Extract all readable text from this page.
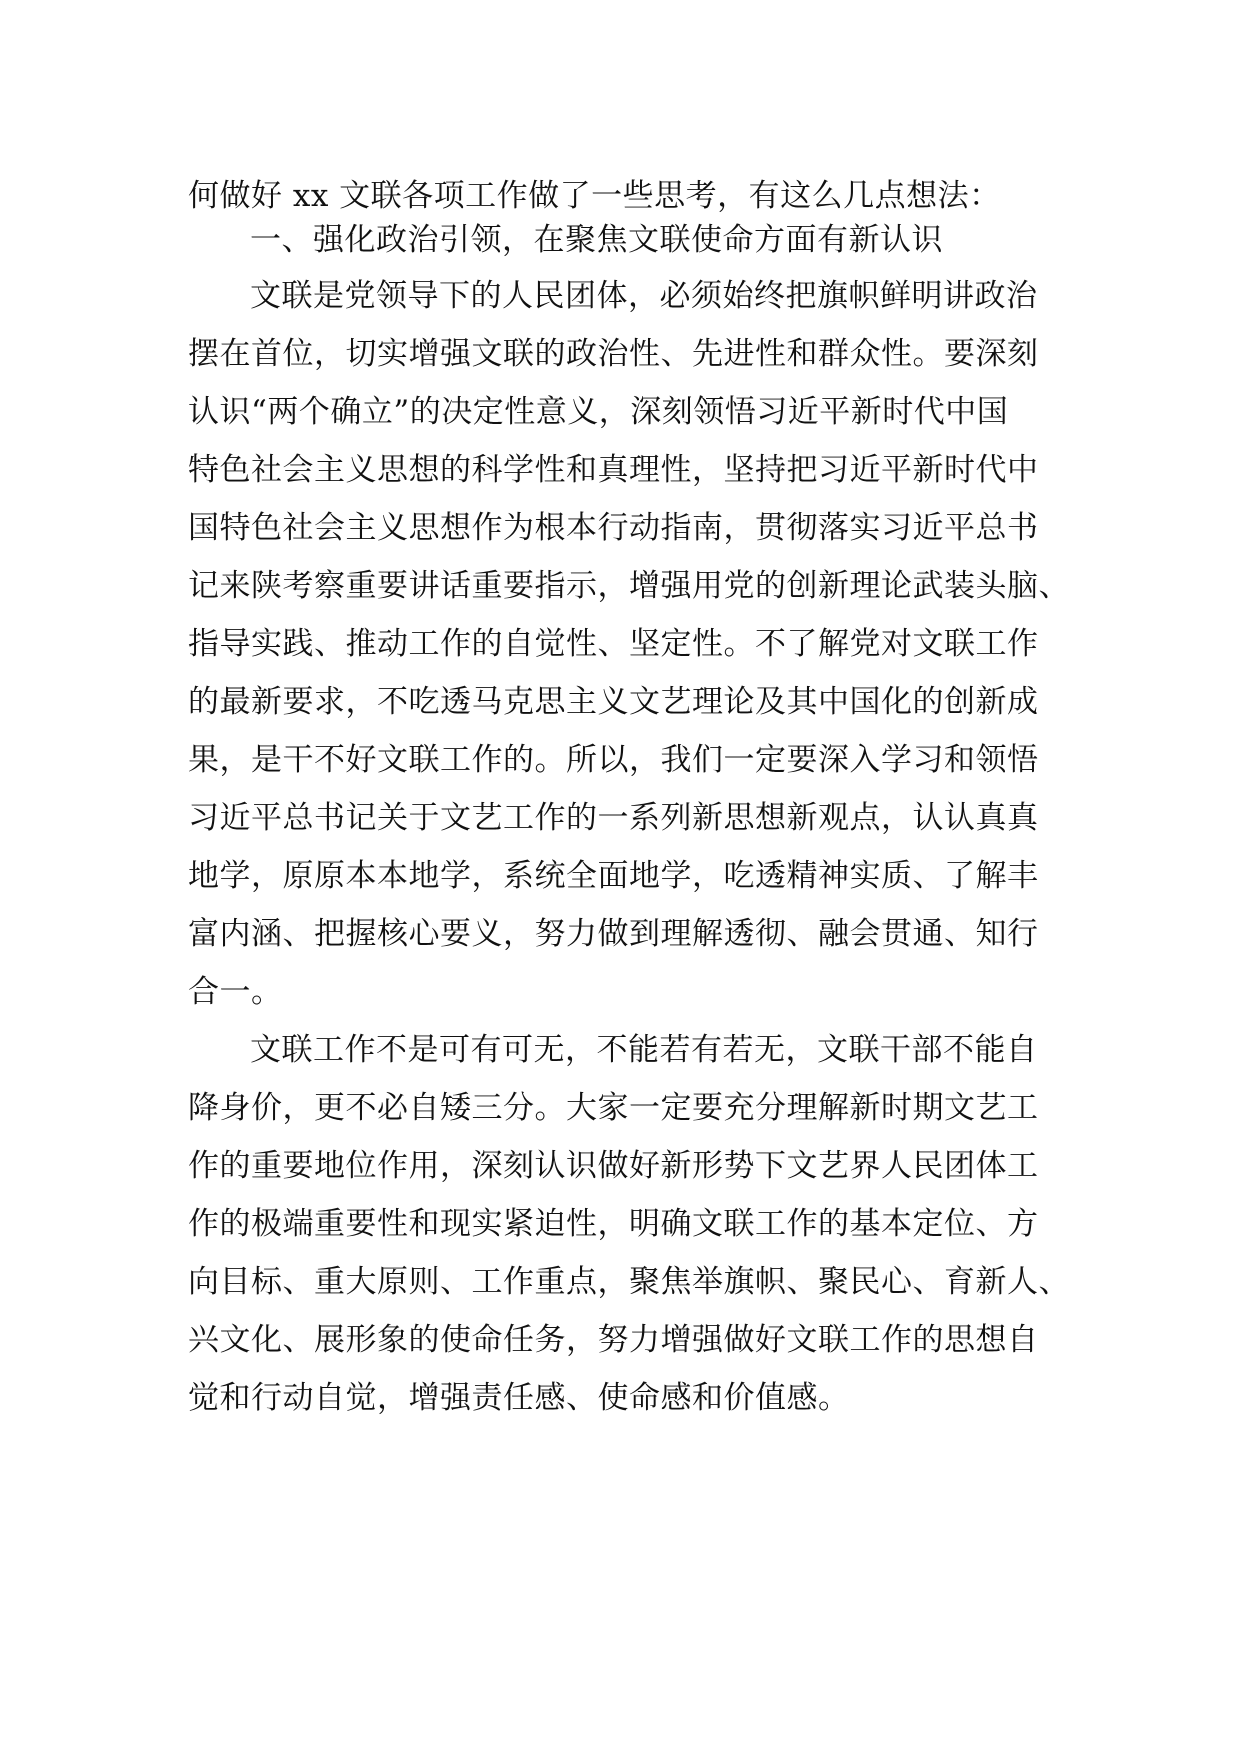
何做好 xx 文联各项工作做了一些思考，有这么几点想法：
一、强化政治引领，在聚焦文联使命方面有新认识
文联是党领导下的人民团体，必须始终把旗帜鲜明讲政治
摆在首位，切实增强文联的政治性、先进性和群众性。要深刻
认识“两个确立”的决定性意义，深刻领悟习近平新时代中国
特色社会主义思想的科学性和真理性，坚持把习近平新时代中
国特色社会主义思想作为根本行动指南，贯彻落实习近平总书
记来陕考察重要讲话重要指示，增强用党的创新理论武装头脑、
指导实践、推动工作的自觉性、坚定性。不了解党对文联工作
的最新要求，不吃透马克思主义文艺理论及其中国化的创新成
果，是干不好文联工作的。所以，我们一定要深入学习和领悟
习近平总书记关于文艺工作的一系列新思想新观点，认认真真
地学，原原本本地学，系统全面地学，吃透精神实质、了解丰
富内涵、把握核心要义，努力做到理解透彻、融会贯通、知行
合一。
文联工作不是可有可无，不能若有若无，文联干部不能自
降身价，更不必自矮三分。大家一定要充分理解新时期文艺工
作的重要地位作用，深刻认识做好新形势下文艺界人民团体工
作的极端重要性和现实紧迫性，明确文联工作的基本定位、方
向目标、重大原则、工作重点，聚焦举旗帜、聚民心、育新人、
兴文化、展形象的使命任务，努力增强做好文联工作的思想自
觉和行动自觉，增强责任感、使命感和价值感。
